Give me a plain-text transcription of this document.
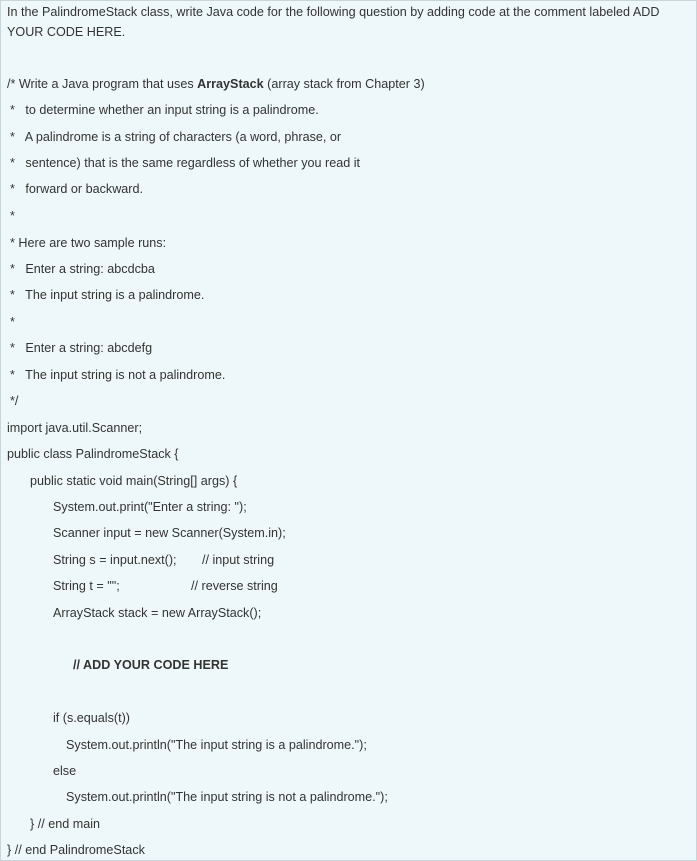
In the PalindromeStack class, write Java code for the following question by adding code at the comment labeled ADD
YOUR CODE HERE.
/* Write a Java program that uses ArrayStack (array stack from Chapter 3)
*   to determine whether an input string is a palindrome.
*   A palindrome is a string of characters (a word, phrase, or
*   sentence) that is the same regardless of whether you read it
*   forward or backward.
*
* Here are two sample runs:
*   Enter a string: abcdcba
*   The input string is a palindrome.
*
*   Enter a string: abcdefg
*   The input string is not a palindrome.
*/
import java.util.Scanner;
public class PalindromeStack {
public static void main(String[] args) {
System.out.print("Enter a string: ");
Scanner input = new Scanner(System.in);
String s = input.next(); // input string
String t = "";	// reverse string
ArrayStack stack = new ArrayStack();
// ADD YOUR CODE HERE
if (s.equals(t))
System.out.println("The input string is a palindrome.");
else
System.out.println("The input string is not a palindrome.");
} // end main
} // end PalindromeStack
